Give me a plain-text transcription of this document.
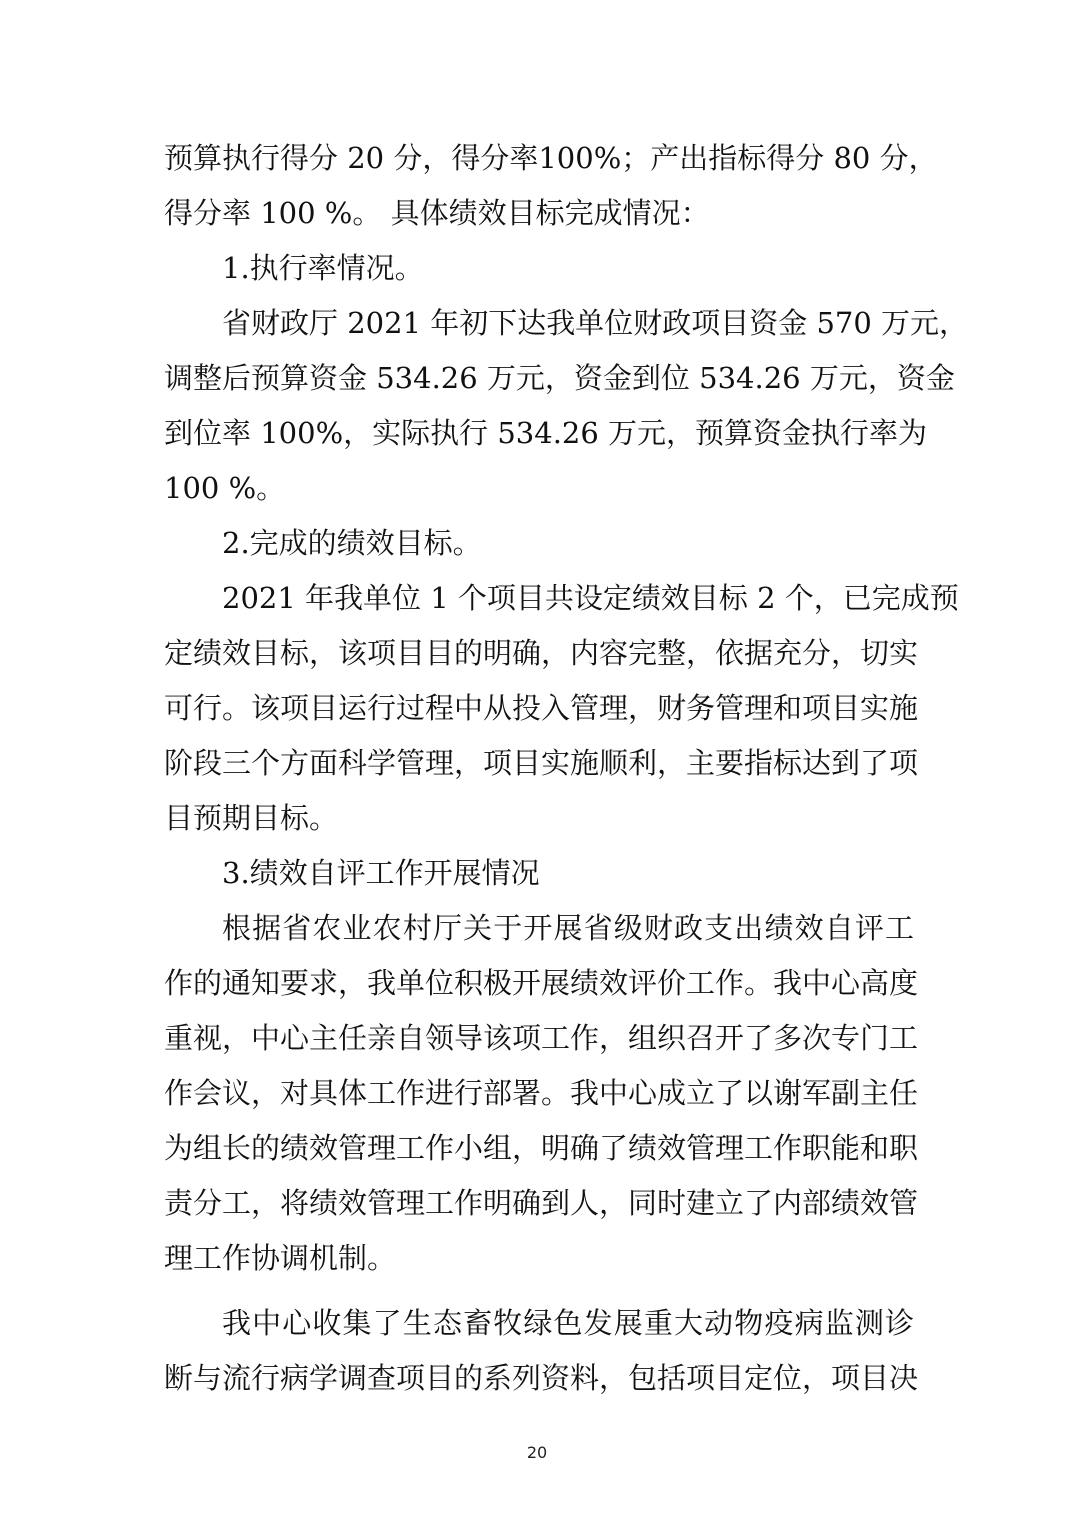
预算执行得分 20 分，得分率100%；产出指标得分 80 分，
得分率 100 %。 具体绩效目标完成情况：
1.执行率情况。
省财政厅 2021 年初下达我单位财政项目资金 570 万元，
调整后预算资金 534.26 万元，资金到位 534.26 万元，资金
到位率 100%，实际执行 534.26 万元，预算资金执行率为
100 %。
2.完成的绩效目标。
2021 年我单位 1 个项目共设定绩效目标 2 个，已完成预
定绩效目标，该项目目的明确，内容完整，依据充分，切实
可行。该项目运行过程中从投入管理，财务管理和项目实施
阶段三个方面科学管理，项目实施顺利，主要指标达到了项
目预期目标。
3.绩效自评工作开展情况
根据省农业农村厅关于开展省级财政支出绩效自评工
作的通知要求，我单位积极开展绩效评价工作。我中心高度
重视，中心主任亲自领导该项工作，组织召开了多次专门工
作会议，对具体工作进行部署。我中心成立了以谢军副主任
为组长的绩效管理工作小组，明确了绩效管理工作职能和职
责分工，将绩效管理工作明确到人，同时建立了内部绩效管
理工作协调机制。
我中心收集了生态畜牧绿色发展重大动物疫病监测诊
断与流行病学调查项目的系列资料，包括项目定位，项目决
20
